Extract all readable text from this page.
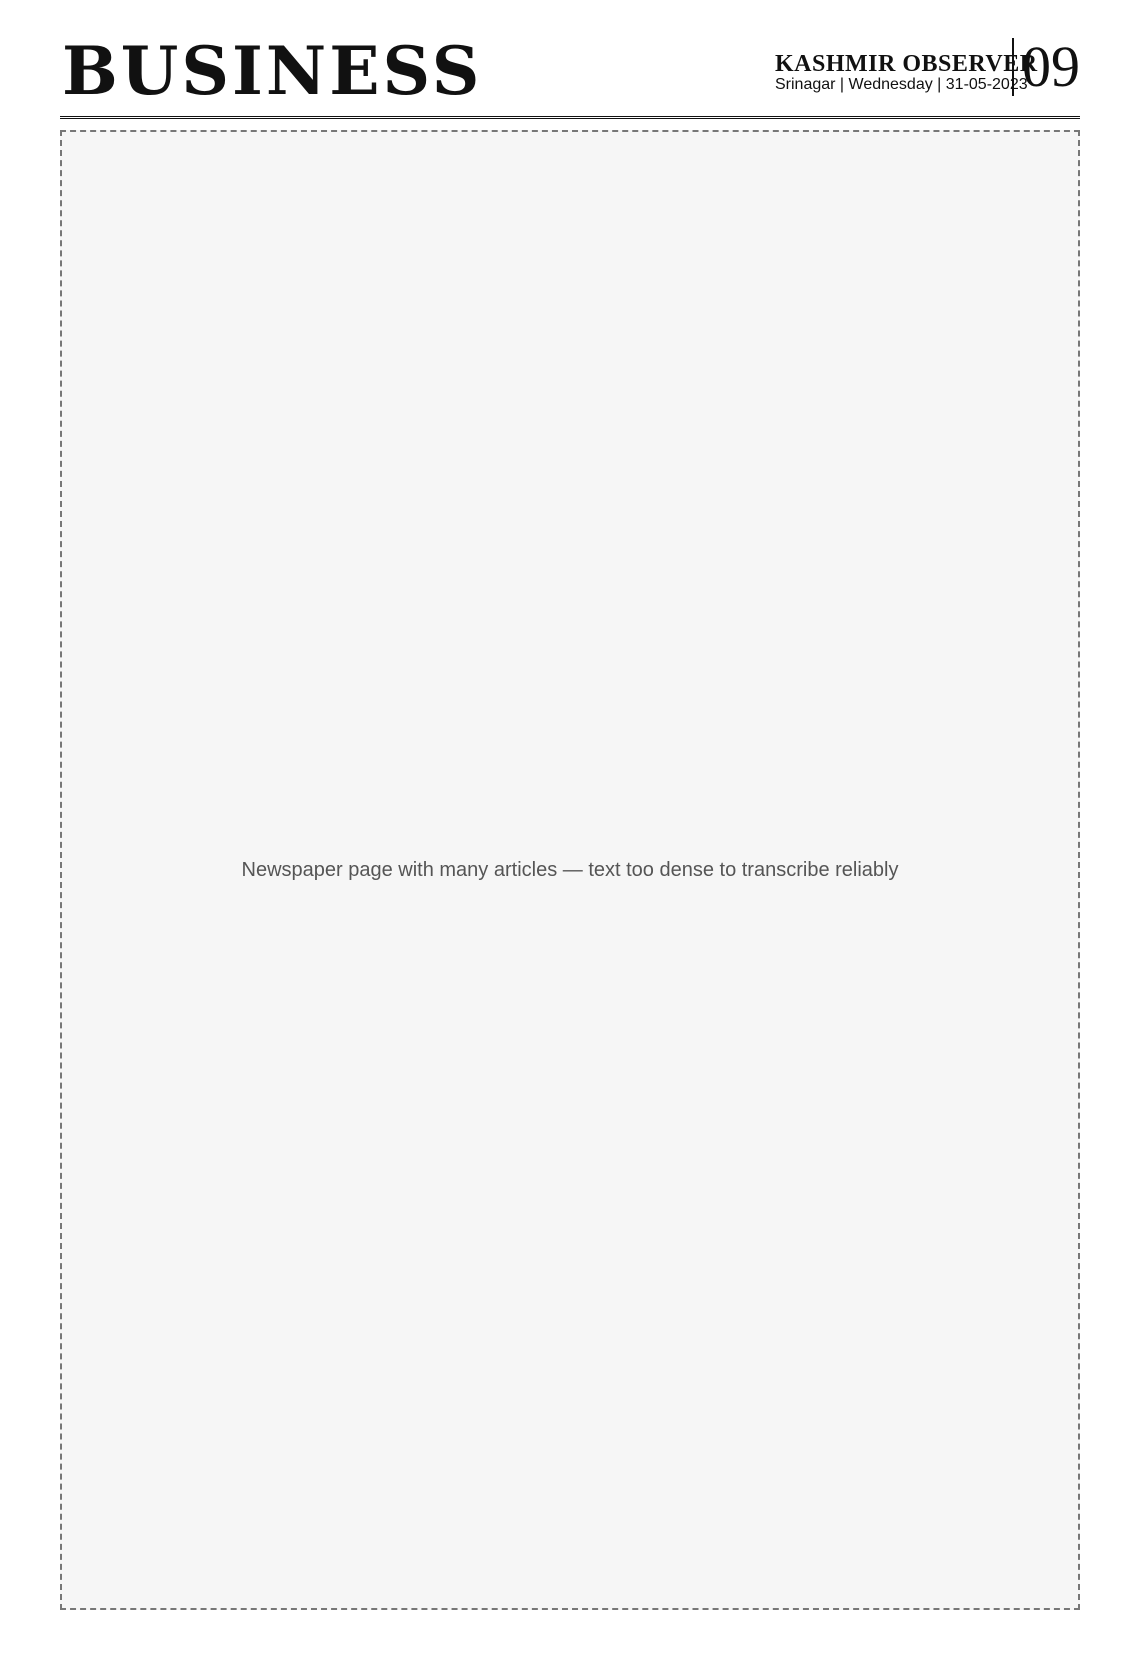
BUSINESS	KASHMIR OBSERVER
Srinagar | Wednesday | 31-05-2023
09
Newspaper page with many articles — text too dense to transcribe reliably
